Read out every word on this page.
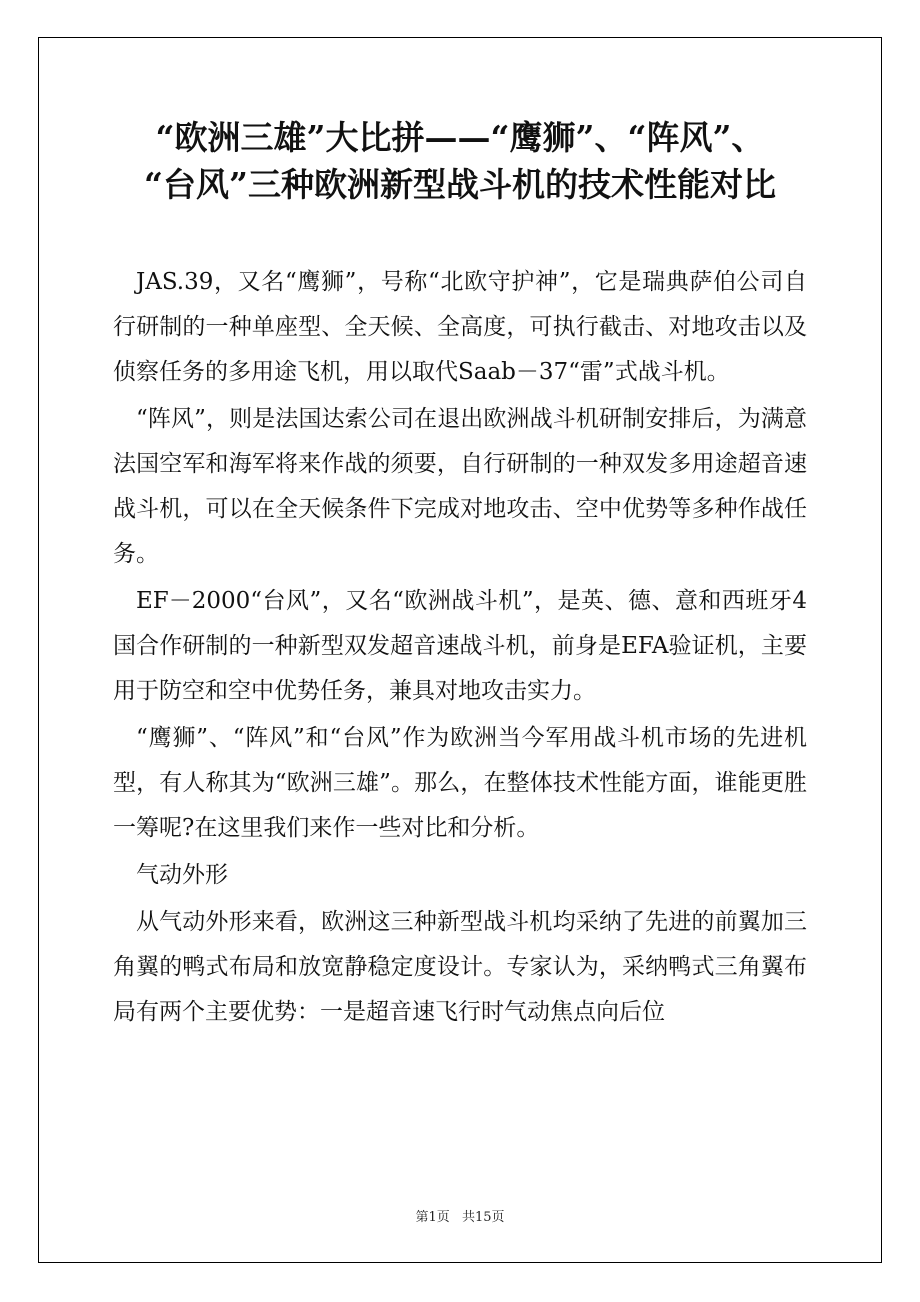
“欧洲三雄”大比拼——“鹰狮”、“阵风”、
“台风”三种欧洲新型战斗机的技术性能对比

JAS.39，又名“鹰狮”，号称“北欧守护神”，它是瑞典萨伯公司自行研制的一种单座型、全天候、全高度，可执行截击、对地攻击以及侦察任务的多用途飞机，用以取代Saab－37“雷”式战斗机。

“阵风”，则是法国达索公司在退出欧洲战斗机研制安排后，为满意法国空军和海军将来作战的须要，自行研制的一种双发多用途超音速战斗机，可以在全天候条件下完成对地攻击、空中优势等多种作战任务。

EF－2000“台风”，又名“欧洲战斗机”，是英、德、意和西班牙4国合作研制的一种新型双发超音速战斗机，前身是EFA验证机，主要用于防空和空中优势任务，兼具对地攻击实力。

“鹰狮”、“阵风”和“台风”作为欧洲当今军用战斗机市场的先进机型，有人称其为“欧洲三雄”。那么，在整体技术性能方面，谁能更胜一筹呢?在这里我们来作一些对比和分析。

气动外形

从气动外形来看，欧洲这三种新型战斗机均采纳了先进的前翼加三角翼的鸭式布局和放宽静稳定度设计。专家认为，采纳鸭式三角翼布局有两个主要优势：一是超音速飞行时气动焦点向后位

第1页 共15页
